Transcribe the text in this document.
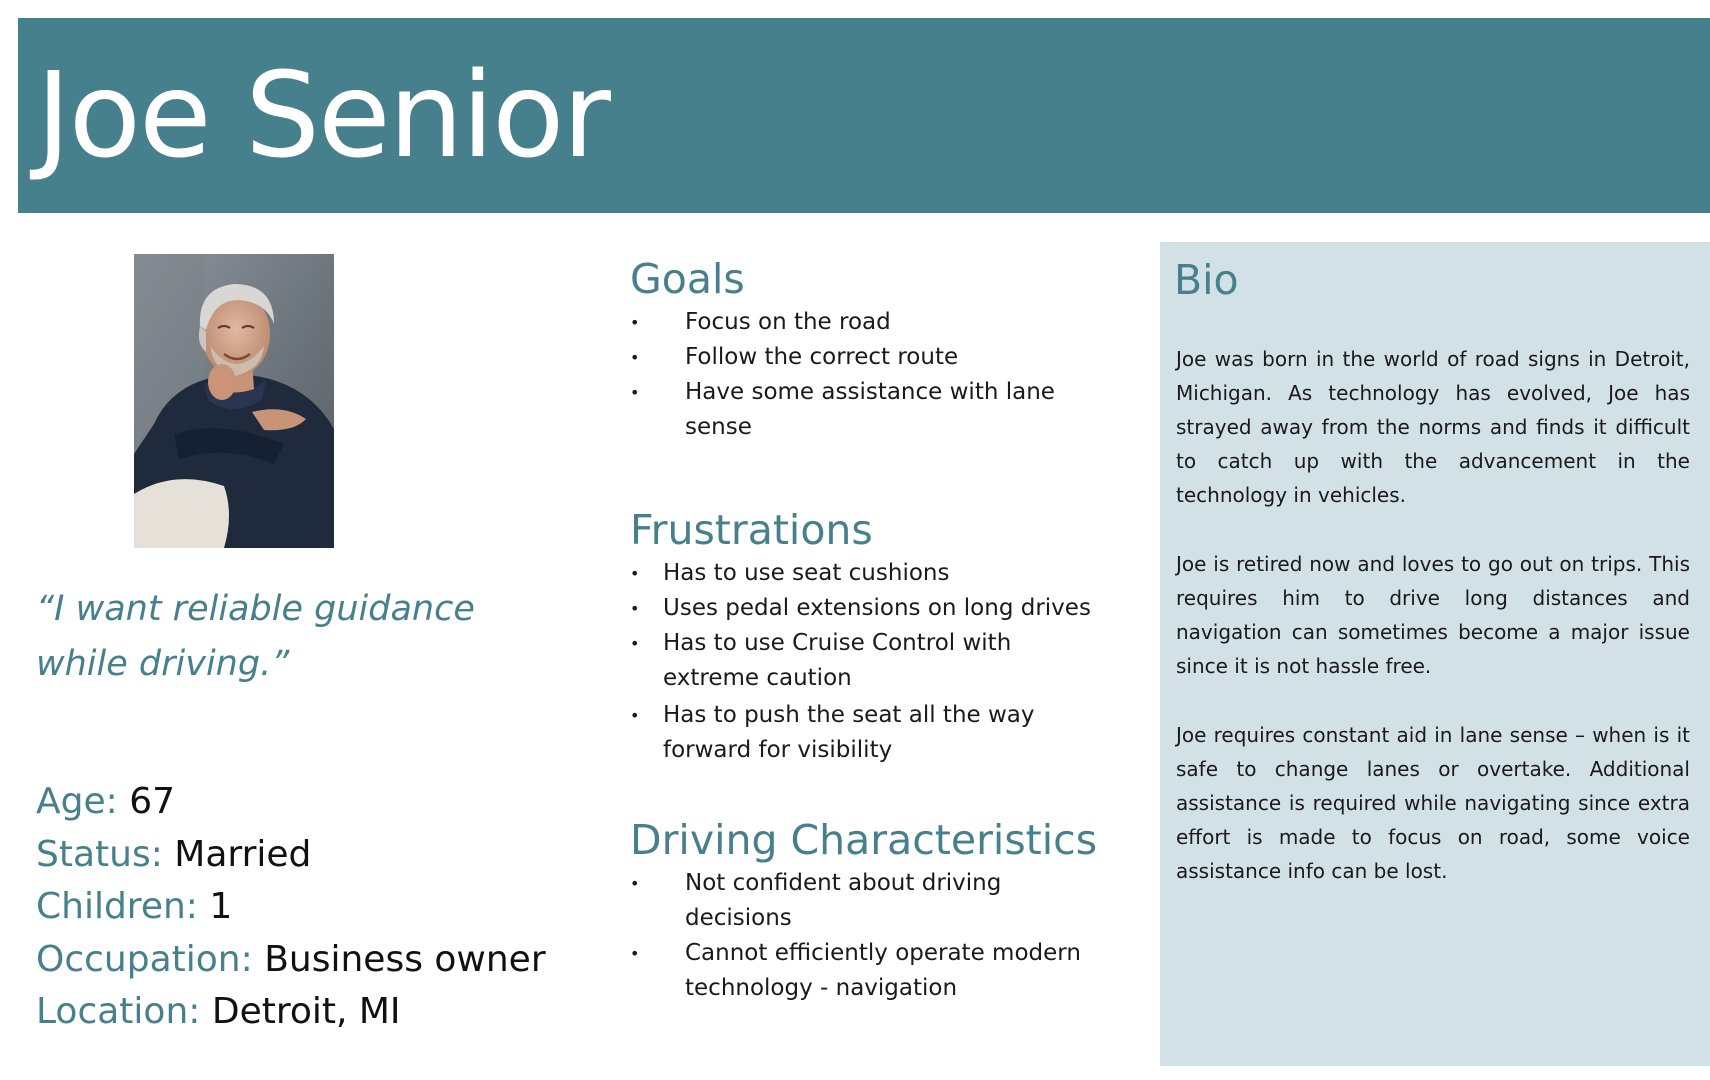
Joe Senior

“I want reliable guidance while driving.”

Age: 67
Status: Married
Children: 1
Occupation: Business owner
Location: Detroit, MI
Goals
• Focus on the road
• Follow the correct route
• Have some assistance with lane sense
Frustrations
• Has to use seat cushions
• Uses pedal extensions on long drives
• Has to use Cruise Control with extreme caution
• Has to push the seat all the way forward for visibility
Driving Characteristics
• Not confident about driving decisions
• Cannot efficiently operate modern technology - navigation
Bio

Joe was born in the world of road signs in Detroit, Michigan. As technology has evolved, Joe has strayed away from the norms and finds it difficult to catch up with the advancement in the technology in vehicles.

Joe is retired now and loves to go out on trips. This requires him to drive long distances and navigation can sometimes become a major issue since it is not hassle free.

Joe requires constant aid in lane sense – when is it safe to change lanes or overtake. Additional assistance is required while navigating since extra effort is made to focus on road, some voice assistance info can be lost.
